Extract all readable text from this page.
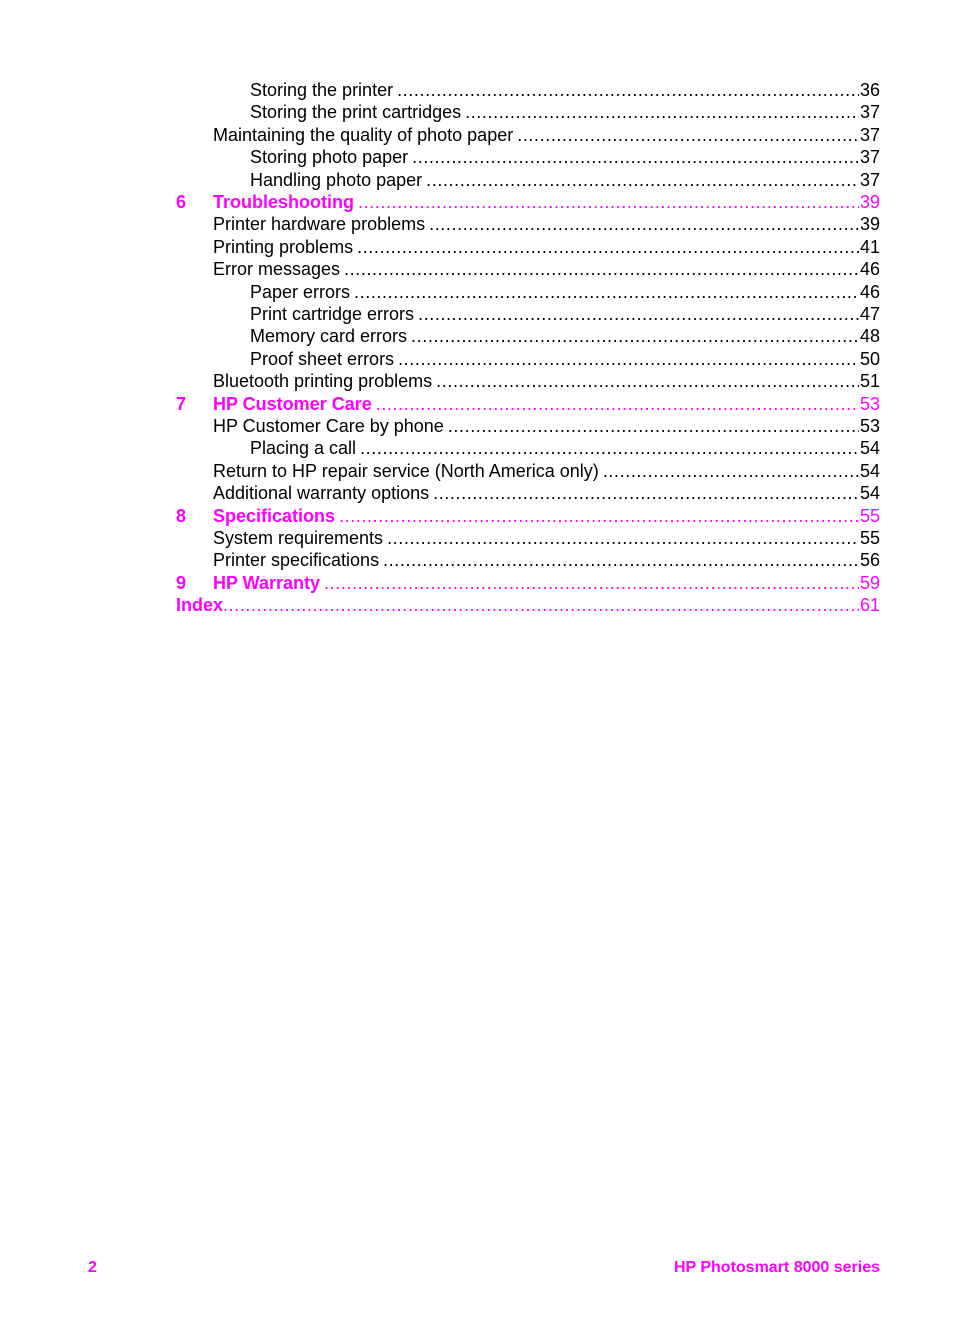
Storing the printer .....	36
Storing the print cartridges .....	37
Maintaining the quality of photo paper .....	37
Storing photo paper .....	37
Handling photo paper .....	37
6	Troubleshooting .....	39
Printer hardware problems .....	39
Printing problems .....	41
Error messages .....	46
Paper errors .....	46
Print cartridge errors .....	47
Memory card errors .....	48
Proof sheet errors .....	50
Bluetooth printing problems .....	51
7	HP Customer Care .....	53
HP Customer Care by phone .....	53
Placing a call .....	54
Return to HP repair service (North America only) .....	54
Additional warranty options .....	54
8	Specifications .....	55
System requirements .....	55
Printer specifications .....	56
9	HP Warranty .....	59
Index .....	61
2	HP Photosmart 8000 series
